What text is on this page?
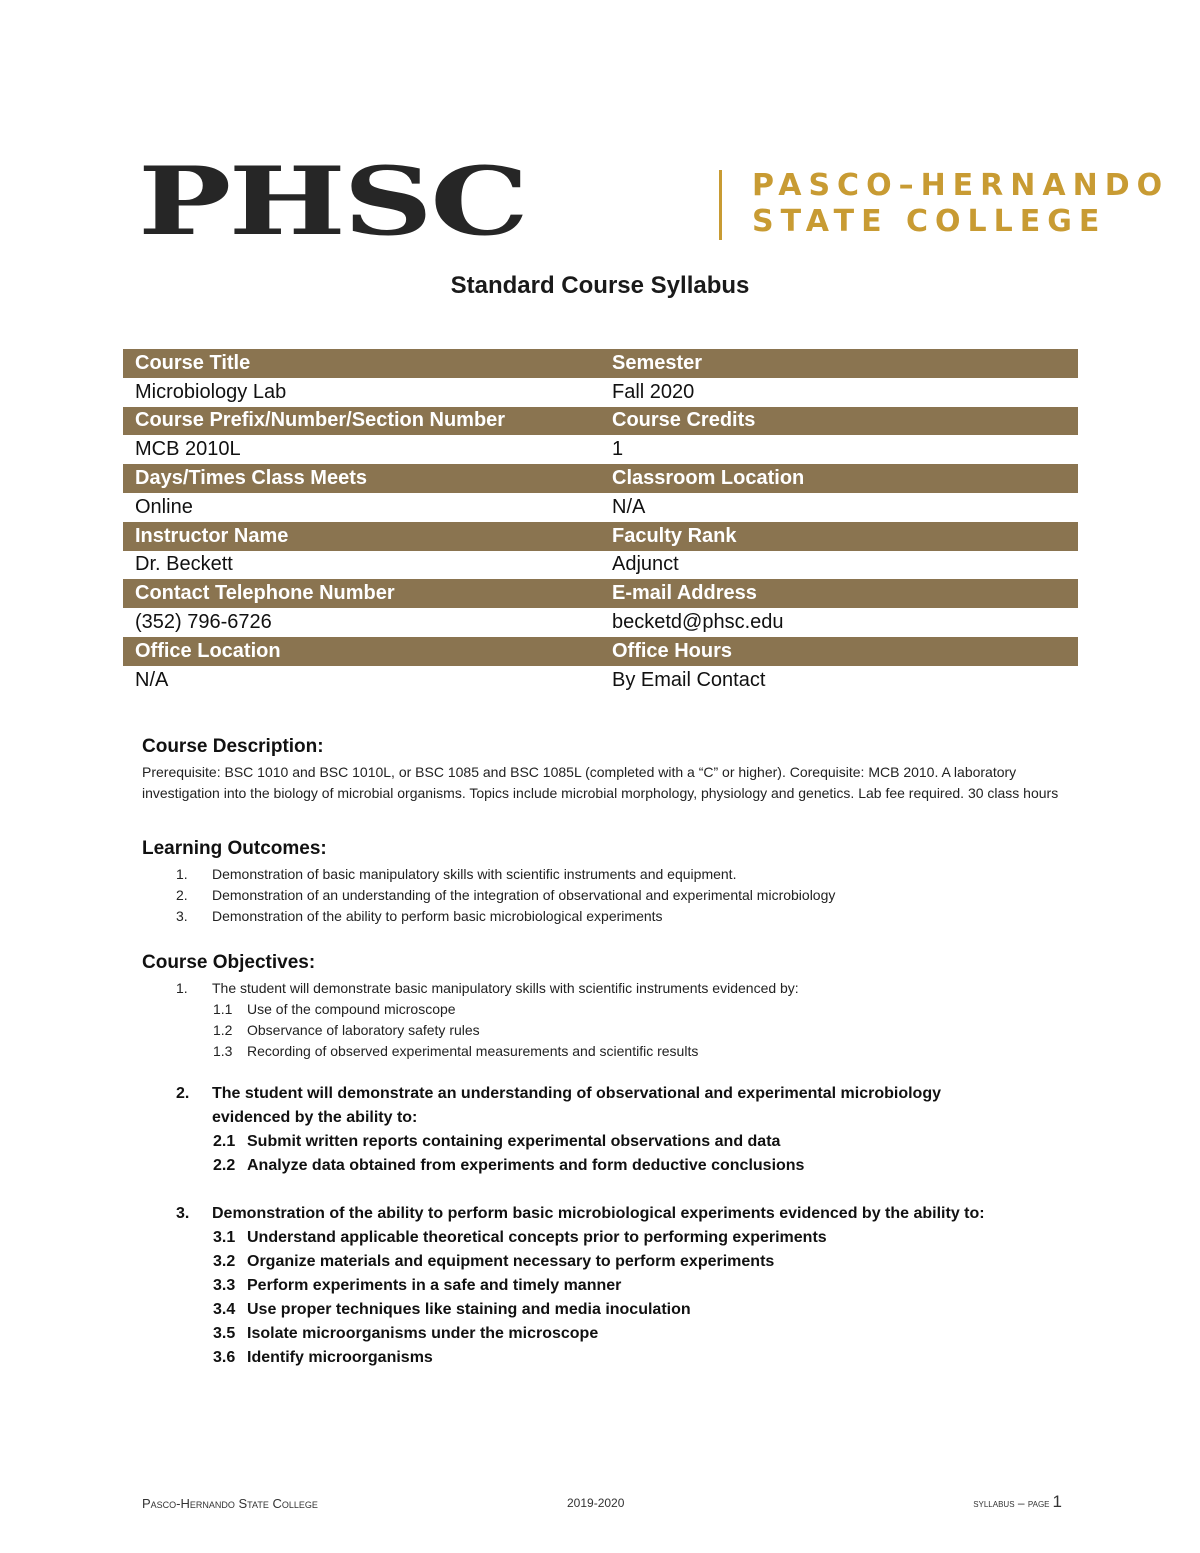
PHSC	PASCO–HERNANDO
STATE COLLEGE
Standard Course Syllabus
Course Title	Semester
Microbiology Lab	Fall 2020
Course Prefix/Number/Section Number	Course Credits
MCB 2010L	1
Days/Times Class Meets	Classroom Location
Online	N/A
Instructor Name	Faculty Rank
Dr. Beckett	Adjunct
Contact Telephone Number	E-mail Address
(352) 796-6726	becketd@phsc.edu
Office Location	Office Hours
N/A	By Email Contact
Course Description:
Prerequisite: BSC 1010 and BSC 1010L, or BSC 1085 and BSC 1085L (completed with a “C” or higher). Corequisite: MCB 2010. A laboratory investigation into the biology of microbial organisms. Topics include microbial morphology, physiology and genetics. Lab fee required. 30 class hours
Learning Outcomes:
1. Demonstration of basic manipulatory skills with scientific instruments and equipment.
2. Demonstration of an understanding of the integration of observational and experimental microbiology
3. Demonstration of the ability to perform basic microbiological experiments
Course Objectives:
1. The student will demonstrate basic manipulatory skills with scientific instruments evidenced by:
1.1 Use of the compound microscope
1.2 Observance of laboratory safety rules
1.3 Recording of observed experimental measurements and scientific results
2. The student will demonstrate an understanding of observational and experimental microbiology
evidenced by the ability to:
2.1 Submit written reports containing experimental observations and data
2.2 Analyze data obtained from experiments and form deductive conclusions
3. Demonstration of the ability to perform basic microbiological experiments evidenced by the ability to:
3.1 Understand applicable theoretical concepts prior to performing experiments
3.2 Organize materials and equipment necessary to perform experiments
3.3 Perform experiments in a safe and timely manner
3.4 Use proper techniques like staining and media inoculation
3.5 Isolate microorganisms under the microscope
3.6 Identify microorganisms
Pasco-Hernando State College	2019-2020	syllabus – page 1
